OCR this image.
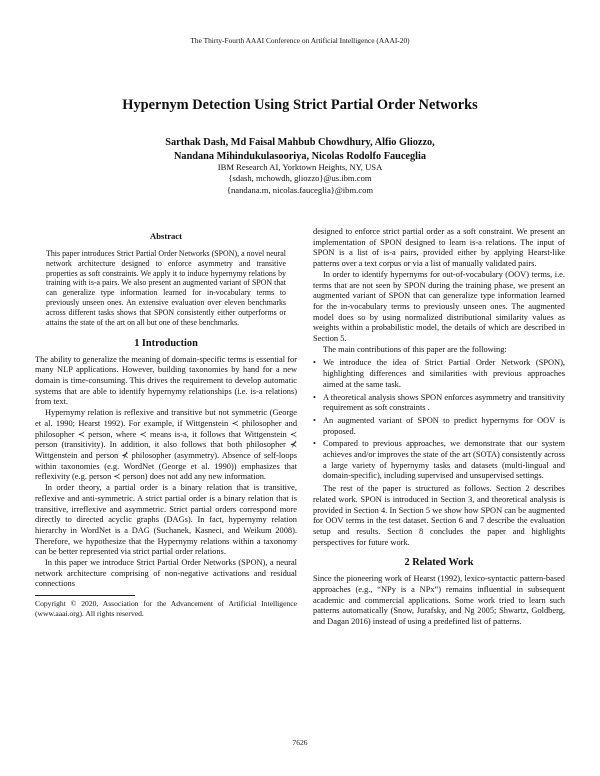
The Thirty-Fourth AAAI Conference on Artificial Intelligence (AAAI-20)
Hypernym Detection Using Strict Partial Order Networks
Sarthak Dash, Md Faisal Mahbub Chowdhury, Alfio Gliozzo,
Nandana Mihindukulasooriya, Nicolas Rodolfo Fauceglia
IBM Research AI, Yorktown Heights, NY, USA
{sdash, mchowdh, gliozzo}@us.ibm.com
{nandana.m, nicolas.fauceglia}@ibm.com
Abstract

This paper introduces Strict Partial Order Networks (SPON), a novel neural network architecture designed to enforce asymmetry and transitive properties as soft constraints. We apply it to induce hypernymy relations by training with is-a pairs. We also present an augmented variant of SPON that can generalize type information learned for in-vocabulary terms to previously unseen ones. An extensive evaluation over eleven benchmarks across different tasks shows that SPON consistently either outperforms or attains the state of the art on all but one of these benchmarks.

1 Introduction

The ability to generalize the meaning of domain-specific terms is essential for many NLP applications. However, building taxonomies by hand for a new domain is time-consuming. This drives the requirement to develop automatic systems that are able to identify hypernymy relationships (i.e. is-a relations) from text.

Hypernymy relation is reflexive and transitive but not symmetric (George et al. 1990; Hearst 1992). For example, if Wittgenstein ≺ philosopher and philosopher ≺ person, where ≺ means is-a, it follows that Wittgenstein ≺ person (transitivity). In addition, it also follows that both philosopher ⊀ Wittgenstein and person ⊀ philosopher (asymmetry). Absence of self-loops within taxonomies (e.g. WordNet (George et al. 1990)) emphasizes that reflexivity (e.g. person ≺ person) does not add any new information.

In order theory, a partial order is a binary relation that is transitive, reflexive and anti-symmetric. A strict partial order is a binary relation that is transitive, irreflexive and asymmetric. Strict partial orders correspond more directly to directed acyclic graphs (DAGs). In fact, hypernymy relation hierarchy in WordNet is a DAG (Suchanek, Kasneci, and Weikum 2008). Therefore, we hypothesize that the Hypernymy relations within a taxonomy can be better represented via strict partial order relations.

In this paper we introduce Strict Partial Order Networks (SPON), a neural network architecture comprising of non-negative activations and residual connections

Copyright © 2020, Association for the Advancement of Artificial Intelligence (www.aaai.org). All rights reserved.

designed to enforce strict partial order as a soft constraint. We present an implementation of SPON designed to learn is-a relations. The input of SPON is a list of is-a pairs, provided either by applying Hearst-like patterns over a text corpus or via a list of manually validated pairs.

In order to identify hypernyms for out-of-vocabulary (OOV) terms, i.e. terms that are not seen by SPON during the training phase, we present an augmented variant of SPON that can generalize type information learned for the in-vocabulary terms to previously unseen ones. The augmented model does so by using normalized distributional similarity values as weights within a probabilistic model, the details of which are described in Section 5.

The main contributions of this paper are the following:

• We introduce the idea of Strict Partial Order Network (SPON), highlighting differences and similarities with previous approaches aimed at the same task.
• A theoretical analysis shows SPON enforces asymmetry and transitivity requirement as soft constraints .
• An augmented variant of SPON to predict hypernyms for OOV is proposed.
• Compared to previous approaches, we demonstrate that our system achieves and/or improves the state of the art (SOTA) consistently across a large variety of hypernymy tasks and datasets (multi-lingual and domain-specific), including supervised and unsupervised settings.

The rest of the paper is structured as follows. Section 2 describes related work. SPON is introduced in Section 3, and theoretical analysis is provided in Section 4. In Section 5 we show how SPON can be augmented for OOV terms in the test dataset. Section 6 and 7 describe the evaluation setup and results. Section 8 concludes the paper and highlights perspectives for future work.

2 Related Work

Since the pioneering work of Hearst (1992), lexico-syntactic pattern-based approaches (e.g., “NPy is a NPx”) remains influential in subsequent academic and commercial applications. Some work tried to learn such patterns automatically (Snow, Jurafsky, and Ng 2005; Shwartz, Goldberg, and Dagan 2016) instead of using a predefined list of patterns.

7626
